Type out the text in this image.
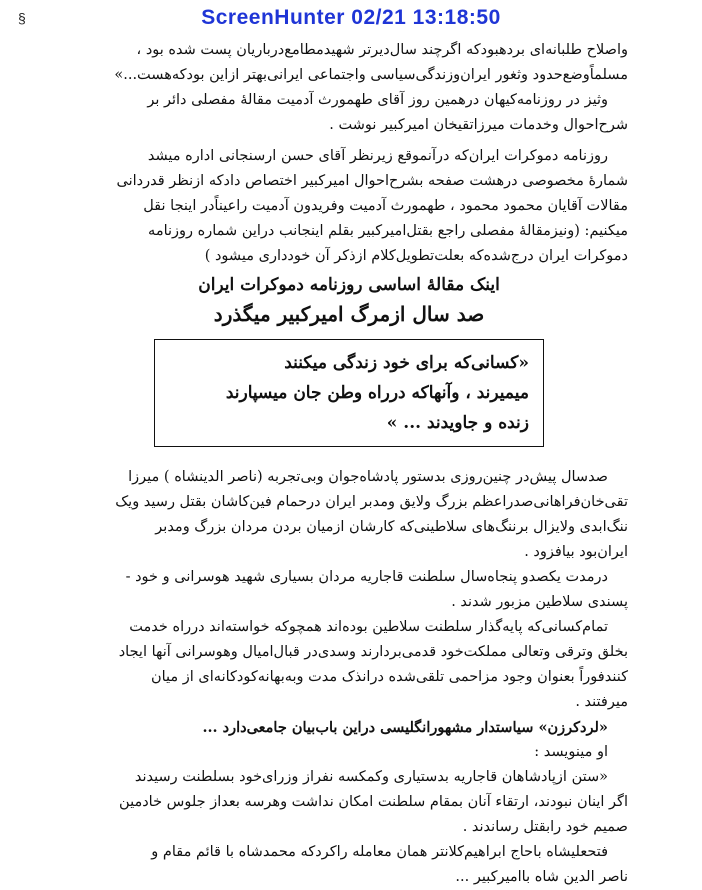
ScreenHunter 02/21 13:18:50
§

واصلاح طلبانه‌ای بردهبودکه اگرچند سال‌دیرتر شهیدمطامع‌درباریان پست شده بود ،

مسلماًوضع‌حدود وثغور ایران‌وزندگی‌سیاسی واجتماعی ایرانی‌بهتر ازاین بودکه‌هست...»

وثیز در روزنامه‌کیهان درهمین روز آقای طهمورث آدمیت مقالهٔ مفصلی دائر بر

شرح‌احوال وخدمات میرزاتقیخان امیرکبیر نوشت .

روزنامه دموکرات ایران‌که درآنموقع زیرنظر آقای حسن ارسنجانی اداره میشد

شمارهٔ مخصوصی درهشت صفحه بشرح‌احوال امیرکبیر اختصاص دادکه ازنظر قدردانی

مقالات آقایان محمود محمود ، طهمورث آدمیت وفریدون آدمیت راعیناًدر اینجا نقل

میکنیم: (ونیزمقالهٔ مفصلی راجع بقتل‌امیرکبیر بقلم اینجانب دراین شماره روزنامه

دموکرات ایران درج‌شده‌که بعلت‌تطویل‌کلام ازذکر آن خودداری میشود )

اینک مقالهٔ اساسی روزنامه دموکرات ایران
صد سال ازمرگ امیرکبیر میگذرد
«کسانی‌که برای خود زندگی میکنند
میمیرند ، وآنهاکه درراه وطن جان میسپارند
زنده و جاویدند ... »

صدسال پیش‌در چنین‌روزی بدستور پادشاه‌جوان وبی‌تجربه (ناصر الدینشاه ) میرزا

تقی‌خان‌فراهانی‌صدراعظم بزرگ ولایق ومدبر ایران درحمام فین‌کاشان بقتل رسید ویک

ننگ‌ابدی ولایزال برننگ‌های سلاطینی‌که کارشان ازمیان بردن مردان بزرگ ومدبر

ایران‌بود بیافزود .

درمدت یکصدو پنجاه‌سال سلطنت قاجاریه مردان بسیاری شهید هوسرانی و خود -

پسندی سلاطین مزبور شدند .

تمام‌کسانی‌که پایه‌گذار سلطنت سلاطین بوده‌اند همچوکه خواسته‌اند درراه خدمت

بخلق وترقی وتعالی مملکت‌خود قدمی‌بردارند وسدی‌در قبال‌امیال وهوسرانی آنها ایجاد

کنندفوراً بعنوان وجود مزاحمی تلقی‌شده درانذک مدت وبه‌بهانه‌کودکانه‌ای از میان

میرفتند .

«لردکرزن» سیاستدار مشهورانگلیسی دراین باب‌بیان جامعی‌دارد ...

او مینویسد :

«ستن ازپادشاهان قاجاریه بدستیاری وکمکسه نفراز وزرای‌خود بسلطنت رسیدند

اگر اینان نبودند، ارتقاء آنان بمقام سلطنت امکان نداشت وهرسه بعداز جلوس خادمین

صمیم خود رابقتل رساندند .

فتحعلیشاه باحاج ابراهیم‌کلانتر همان معامله راکردکه محمدشاه با قائم مقام و

ناصر الدین شاه باامیرکبیر ...
